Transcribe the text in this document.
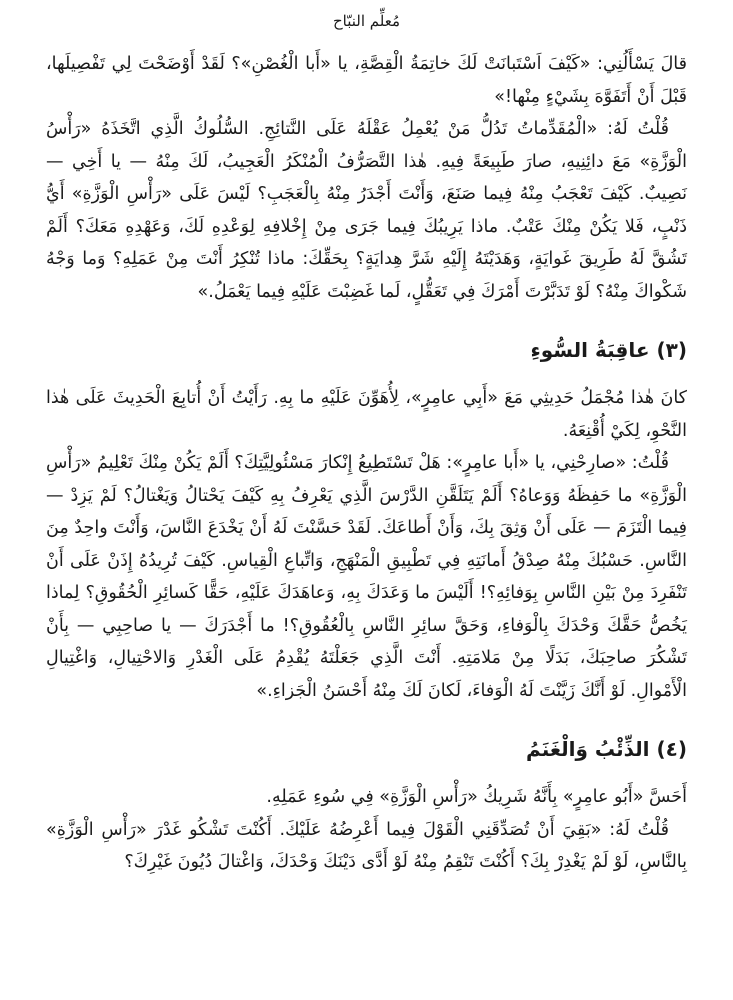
مُعلِّم النبّاح

قالَ يَسْأَلُنِي: «كَيْفَ اَسْتَبانَتْ لَكَ خاتِمَةُ الْقِصَّةِ، يا «أَبا الْغُصْنِ»؟ لَقَدْ أَوْضَحْتَ لِي تَفْصِيلَها، قَبْلَ أَنْ أَتَفَوَّهَ بِشَيْءٍ مِنْها!»

قُلْتُ لَهُ: «الْمُقَدِّماتُ تَدُلُّ مَنْ يُعْمِلُ عَقْلَهُ عَلَى النَّتائِجِ. السُّلُوكُ الَّذِي اتَّخَذَهُ «رَأْسُ الْوَزَّةِ» مَعَ دائِنِيهِ، صارَ طَبِيعَةً فِيهِ. هٰذا التَّصَرُّفُ الْمُنْكَرُ الْعَجِيبُ، لَكَ مِنْهُ — يا أَخِي — نَصِيبٌ. كَيْفَ تَعْجَبُ مِنْهُ فِيما صَنَعَ، وَأَنْتَ أَجْدَرُ مِنْهُ بِالْعَجَبِ؟ لَيْسَ عَلَى «رَأْسِ الْوَزَّةِ» أَيُّ ذَنْبٍ، فَلا يَكُنْ مِنْكَ عَتْبٌ. ماذا يَرِيبُكَ فِيما جَرَى مِنْ إِخْلافِهِ لِوَعْدِهِ لَكَ، وَعَهْدِهِ مَعَكَ؟ أَلَمْ تَشُقَّ لَهُ طَرِيقَ غَوايَةٍ، وَهَدَيْتَهُ إِلَيْهِ شَرَّ هِدايَةٍ؟ بِحَقِّكَ: ماذا تُنْكِرُ أَنْتَ مِنْ عَمَلِهِ؟ وَما وَجْهُ شَكْواكَ مِنْهُ؟ لَوْ تَدَبَّرْتَ أَمْرَكَ فِي تَعَقُّلٍ، لَما غَضِبْتَ عَلَيْهِ فِيما يَعْمَلُ.»

(٣) عاقِبَةُ السُّوءِ

كانَ هٰذا مُجْمَلُ حَدِيثِي مَعَ «أَبِي عامِرٍ»، لِأُهَوِّنَ عَلَيْهِ ما بِهِ. رَأَيْتُ أَنْ أُتابِعَ الْحَدِيثَ عَلَى هٰذا النَّحْوِ، لِكَيْ أُقْنِعَهُ.

قُلْتُ: «صارِحْنِي، يا «أَبا عامِرٍ»: هَلْ تَسْتَطِيعُ إِنْكارَ مَسْئُولِيَّتِكَ؟ أَلَمْ يَكُنْ مِنْكَ تَعْلِيمُ «رَأْسِ الْوَزَّةِ» ما حَفِظَهُ وَوَعاهُ؟ أَلَمْ يَتَلَقَّنِ الدَّرْسَ الَّذِي يَعْرِفُ بِهِ كَيْفَ يَحْتالُ وَيَغْتالُ؟ لَمْ يَزِدْ — فِيما الْتَزَمَ — عَلَى أَنْ وَثِقَ بِكَ، وَأَنْ أَطاعَكَ. لَقَدْ حَسَّنْتَ لَهُ أَنْ يَخْدَعَ النَّاسَ، وَأَنْتَ واحِدٌ مِنَ النَّاسِ. حَسْبُكَ مِنْهُ صِدْقُ أَمانَتِهِ فِي تَطْبِيقِ الْمَنْهَجِ، وَاتِّباعِ الْقِياسِ. كَيْفَ تُرِيدُهُ إِذَنْ عَلَى أَنْ تَنْفَرِدَ مِنْ بَيْنِ النَّاسِ بِوَفائِهِ؟! أَلَيْسَ ما وَعَدَكَ بِهِ، وَعاهَدَكَ عَلَيْهِ، حَقًّا كَسائِرِ الْحُقُوقِ؟ لِماذا يَخُصُّ حَقَّكَ وَحْدَكَ بِالْوَفاءِ، وَحَقَّ سائِرِ النَّاسِ بِالْعُقُوقِ؟! ما أَجْدَرَكَ — يا صاحِبِي — بِأَنْ تَشْكُرَ صاحِبَكَ، بَدَلًا مِنْ مَلامَتِهِ. أَنْتَ الَّذِي جَعَلْتَهُ يُقْدِمُ عَلَى الْغَدْرِ وَالاحْتِيالِ، وَاغْتِيالِ الْأَمْوالِ. لَوْ أَنَّكَ زَيَّنْتَ لَهُ الْوَفاءَ، لَكانَ لَكَ مِنْهُ أَحْسَنُ الْجَزاءِ.»

(٤) الذِّئْبُ وَالْغَنَمُ

أَحَسَّ «أَبُو عامِرٍ» بِأَنَّهُ شَرِيكُ «رَأْسِ الْوَزَّةِ» فِي سُوءِ عَمَلِهِ.

قُلْتُ لَهُ: «بَقِيَ أَنْ تُصَدِّقَنِي الْقَوْلَ فِيما أَعْرِضُهُ عَلَيْكَ. أَكُنْتَ تَشْكُو غَدْرَ «رَأْسِ الْوَزَّةِ» بِالنَّاسِ، لَوْ لَمْ يَغْدِرْ بِكَ؟ أَكُنْتَ تَنْقِمُ مِنْهُ لَوْ أَدَّى دَيْنَكَ وَحْدَكَ، وَاغْتالَ دُيُونَ غَيْرِكَ؟
